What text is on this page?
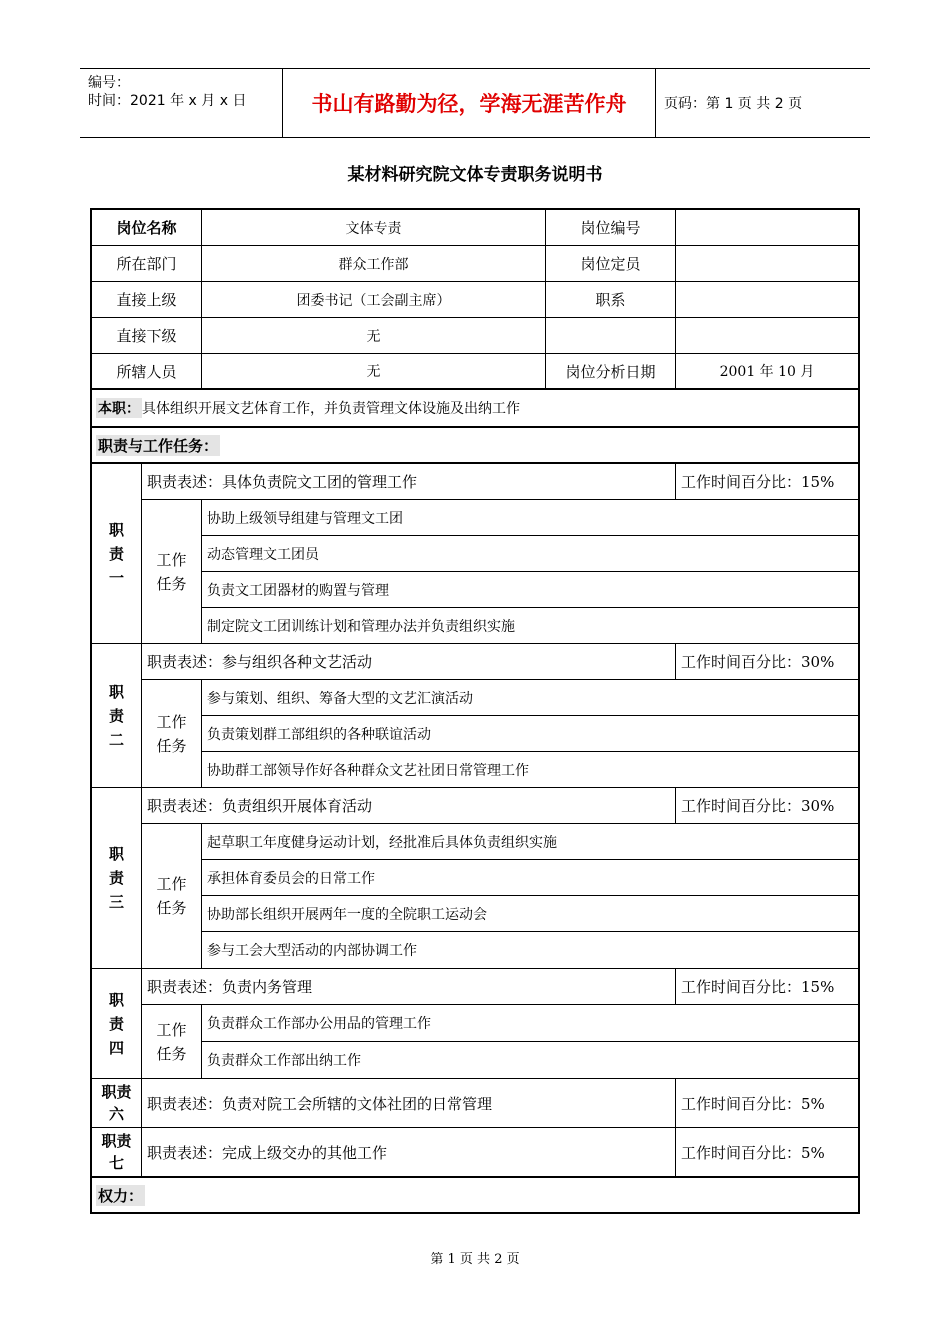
编号：
时间：2021 年 x 月 x 日	书山有路勤为径，学海无涯苦作舟	页码：第 1 页 共 2 页
某材料研究院文体专责职务说明书
岗位名称	文体专责	岗位编号
所在部门	群众工作部	岗位定员
直接上级	团委书记（工会副主席）	职系
直接下级	无
所辖人员	无	岗位分析日期	2001 年 10 月
本职： 具体组织开展文艺体育工作，并负责管理文体设施及出纳工作
职责与工作任务：
职
责
一
职责表述：具体负责院文工团的管理工作	工作时间百分比：15%
工作
任务
协助上级领导组建与管理文工团
动态管理文工团员
负责文工团器材的购置与管理
制定院文工团训练计划和管理办法并负责组织实施
职
责
二
职责表述：参与组织各种文艺活动	工作时间百分比：30%
工作
任务
参与策划、组织、筹备大型的文艺汇演活动
负责策划群工部组织的各种联谊活动
协助群工部领导作好各种群众文艺社团日常管理工作
职
责
三
职责表述：负责组织开展体育活动	工作时间百分比：30%
工作
任务
起草职工年度健身运动计划，经批准后具体负责组织实施
承担体育委员会的日常工作
协助部长组织开展两年一度的全院职工运动会
参与工会大型活动的内部协调工作
职
责
四
职责表述：负责内务管理	工作时间百分比：15%
工作
任务
负责群众工作部办公用品的管理工作
负责群众工作部出纳工作
职责
六
职责表述：负责对院工会所辖的文体社团的日常管理	工作时间百分比：5%
职责
七
职责表述：完成上级交办的其他工作	工作时间百分比：5%
权力：
第 1 页 共 2 页
